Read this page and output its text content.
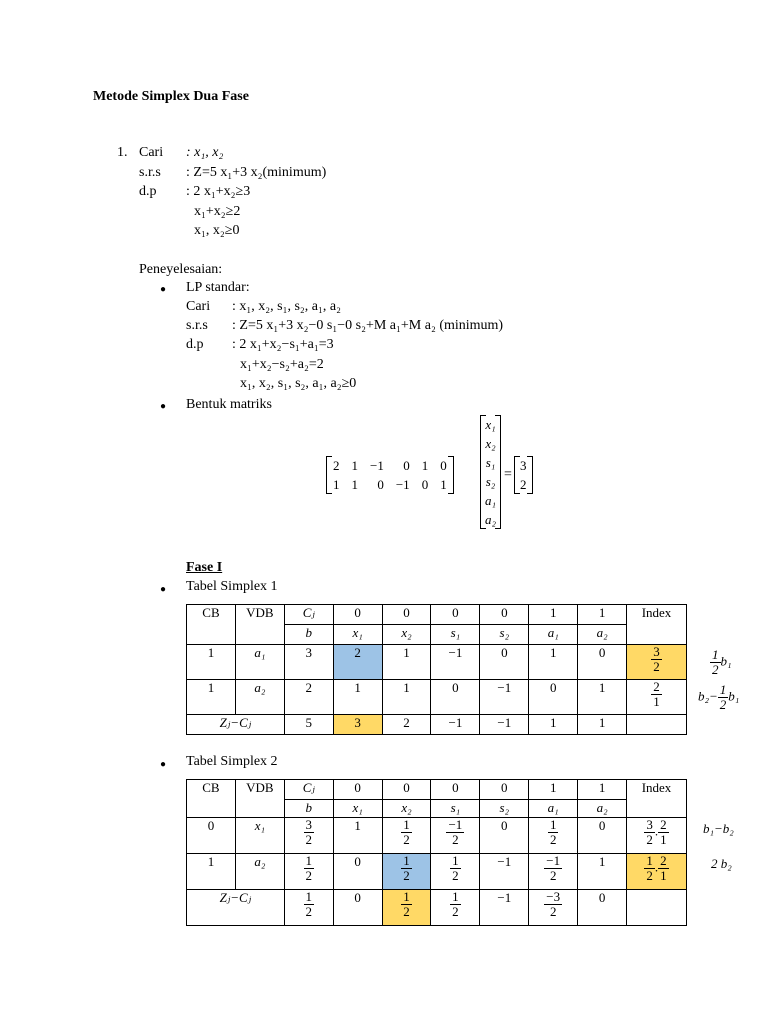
Metode Simplex Dua Fase
1. Cari : x₁, x₂
s.r.s : Z=5 x₁+3 x₂(minimum)
d.p : 2 x₁+x₂≥3
x₁+x₂≥2
x₁, x₂≥0
Peneyelesaian:
● LP standar:
Cari : x₁, x₂, s₁, s₂, a₁, a₂
s.r.s : Z=5 x₁+3 x₂−0 s₁−0 s₂+M a₁+M a₂ (minimum)
d.p : 2 x₁+x₂−s₁+a₁=3
x₁+x₂−s₂+a₂=2
x₁, x₂, s₁, s₂, a₁, a₂≥0
● Bentuk matriks
2	1	−1	0	1	0
1	1	0	−1	0	1
x₁
x₂
s₁
s₂
a₁
a₂
=
3
2
Fase I
● Tabel Simplex 1
CB	VDB	Cⱼ	0	0	0	0	1	1	Index
		b	x₁	x₂	s₁	s₂	a₁	a₂	
1	a₁	3	2	1	−1	0	1	0	$\frac{3}{2}$

1	a₂	2	1	1	0	−1	0	1	$\frac{2}{1}$

Zⱼ−Cⱼ		5	3	2	−1	−1	1	1	
$\frac{1}{2} b_1$
$b_2- \frac{1}{2} b_1$
● Tabel Simplex 2
CB	VDB	Cⱼ	0	0	0	0	1	1	Index
		b	x₁	x₂	s₁	s₂	a₁	a₂	
0	x₁	$\frac{3}{2}$	1	$\frac{1}{2}$	$\frac{-1}{2}$	0	$\frac{1}{2}$	0	$\frac{3}{2}$ . $\frac{2}{1}$

1	a₂	$\frac{1}{2}$	0	$\frac{1}{2}$	$\frac{1}{2}$	−1	$\frac{-1}{2}$	1	$\frac{1}{2}$ . $\frac{2}{1}$

Zⱼ−Cⱼ		$\frac{1}{2}$	0	$\frac{1}{2}$	$\frac{1}{2}$	−1	$\frac{-3}{2}$	0	
b₁−b₂
2 b₂
